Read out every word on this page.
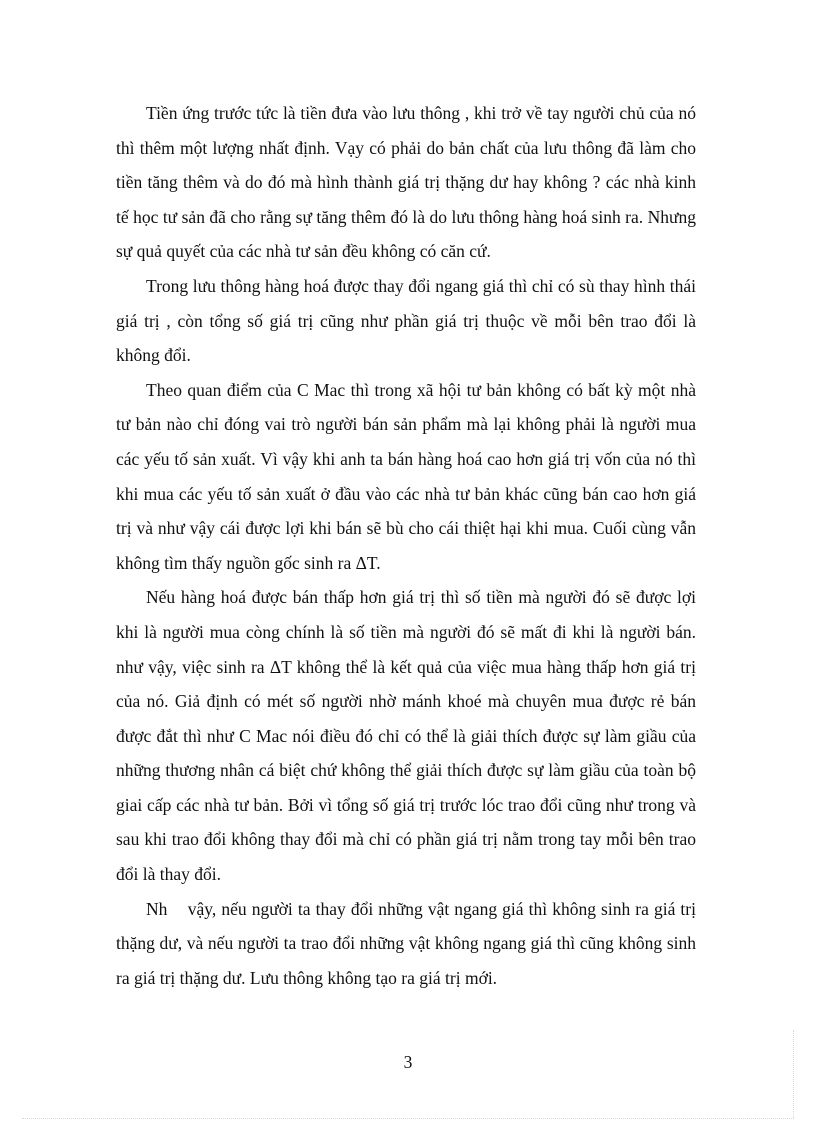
Tiền ứng trước tức là tiền đưa vào lưu thông , khi trở về tay người chủ của nó thì thêm một lượng nhất định. Vạy có phải do bản chất của lưu thông đã làm cho tiền tăng thêm và do đó mà hình thành giá trị thặng dư hay không ? các nhà kinh tế học tư sản đã cho rằng sự tăng thêm đó là do lưu thông hàng hoá sinh ra. Nhưng sự quả quyết của các nhà tư sản đều không có căn cứ.

Trong lưu thông hàng hoá được thay đổi ngang giá thì chỉ có sù thay hình thái giá trị , còn tổng số giá trị cũng như phần giá trị thuộc về mỗi bên trao đổi là không đổi.

Theo quan điểm của C Mac thì trong xã hội tư bản không có bất kỳ một nhà tư bản nào chỉ đóng vai trò người bán sản phẩm mà lại không phải là người mua các yếu tố sản xuất. Vì vậy khi anh ta bán hàng hoá cao hơn giá trị vốn của nó thì khi mua các yếu tố sản xuất ở đầu vào các nhà tư bản khác cũng bán cao hơn giá trị và như vậy cái được lợi khi bán sẽ bù cho cái thiệt hại khi mua. Cuối cùng vẫn không tìm thấy nguồn gốc sinh ra ΔT.

Nếu hàng hoá được bán thấp hơn giá trị thì số tiền mà người đó sẽ được lợi khi là người mua còng chính là số tiền mà người đó sẽ mất đi khi là người bán. như vậy, việc sinh ra ΔT không thể là kết quả của việc mua hàng thấp hơn giá trị của nó. Giả định có mét số người nhờ mánh khoé mà chuyên mua được rẻ bán được đắt thì như C Mac nói điều đó chỉ có thể là giải thích được sự làm giầu của những thương nhân cá biệt chứ không thể giải thích được sự làm giầu của toàn bộ giai cấp các nhà tư bản. Bởi vì tổng số giá trị trước lóc trao đổi cũng như trong và sau khi trao đổi không thay đổi mà chỉ có phần giá trị nằm trong tay mỗi bên trao đổi là thay đổi.

Nh    vậy, nếu người ta thay đổi những vật ngang giá thì không sinh ra giá trị thặng dư, và nếu người ta trao đổi những vật không ngang giá thì cũng không sinh ra giá trị thặng dư. Lưu thông không tạo ra giá trị mới.

3
